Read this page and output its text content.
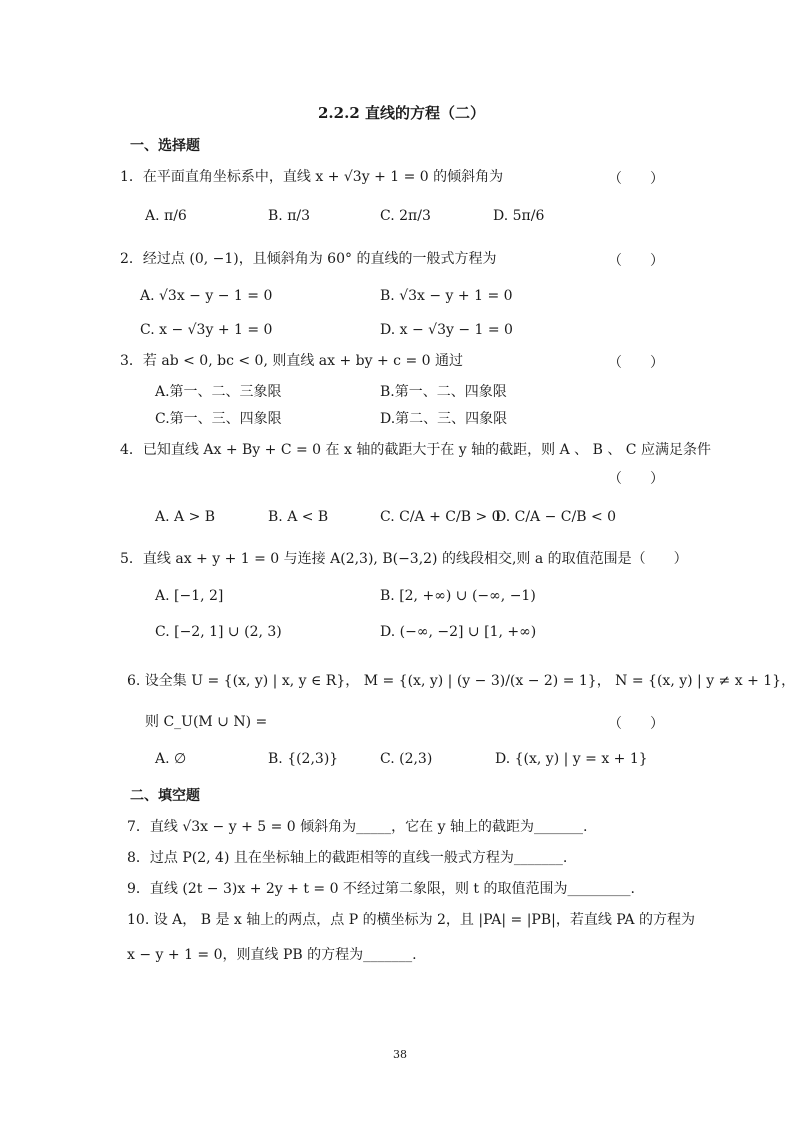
2.2.2 直线的方程（二）
一、选择题
1．在平面直角坐标系中，直线 x + √3y + 1 = 0 的倾斜角为	（　　）
A. π/6	B. π/3	C. 2π/3	D. 5π/6
2．经过点 (0, −1)，且倾斜角为 60° 的直线的一般式方程为	（　　）
A. √3x − y − 1 = 0	B. √3x − y + 1 = 0
C. x − √3y + 1 = 0	D. x − √3y − 1 = 0
3．若 ab < 0, bc < 0, 则直线 ax + by + c = 0 通过	（　　）
A.第一、二、三象限	B.第一、二、四象限
C.第一、三、四象限	D.第二、三、四象限
4．已知直线 Ax + By + C = 0 在 x 轴的截距大于在 y 轴的截距，则 A 、 B 、 C 应满足条件
（　　）
A. A > B	B. A < B	C. C/A + C/B > 0
D. C/A − C/B < 0
5．直线 ax + y + 1 = 0 与连接 A(2,3), B(−3,2) 的线段相交,则 a 的取值范围是（　　）
A. [−1, 2]	B. [2, +∞) ∪ (−∞, −1)
C. [−2, 1] ∪ (2, 3)	D. (−∞, −2] ∪ [1, +∞)
6. 设全集 U = {(x, y) | x, y ∈ R}， M = {(x, y) | (y − 3)/(x − 2) = 1}， N = {(x, y) | y ≠ x + 1}，
则 C_U(M ∪ N) =	（　　）
A. ∅	B. {(2,3)}	C. (2,3)	D. {(x, y) | y = x + 1}
二、填空题
7．直线 √3x − y + 5 = 0 倾斜角为_____，它在 y 轴上的截距为_______.
8．过点 P(2, 4) 且在坐标轴上的截距相等的直线一般式方程为_______.
9．直线 (2t − 3)x + 2y + t = 0 不经过第二象限，则 t 的取值范围为_________.
10. 设 A， B 是 x 轴上的两点，点 P 的横坐标为 2，且 |PA| = |PB|，若直线 PA 的方程为
x − y + 1 = 0，则直线 PB 的方程为_______.
38
